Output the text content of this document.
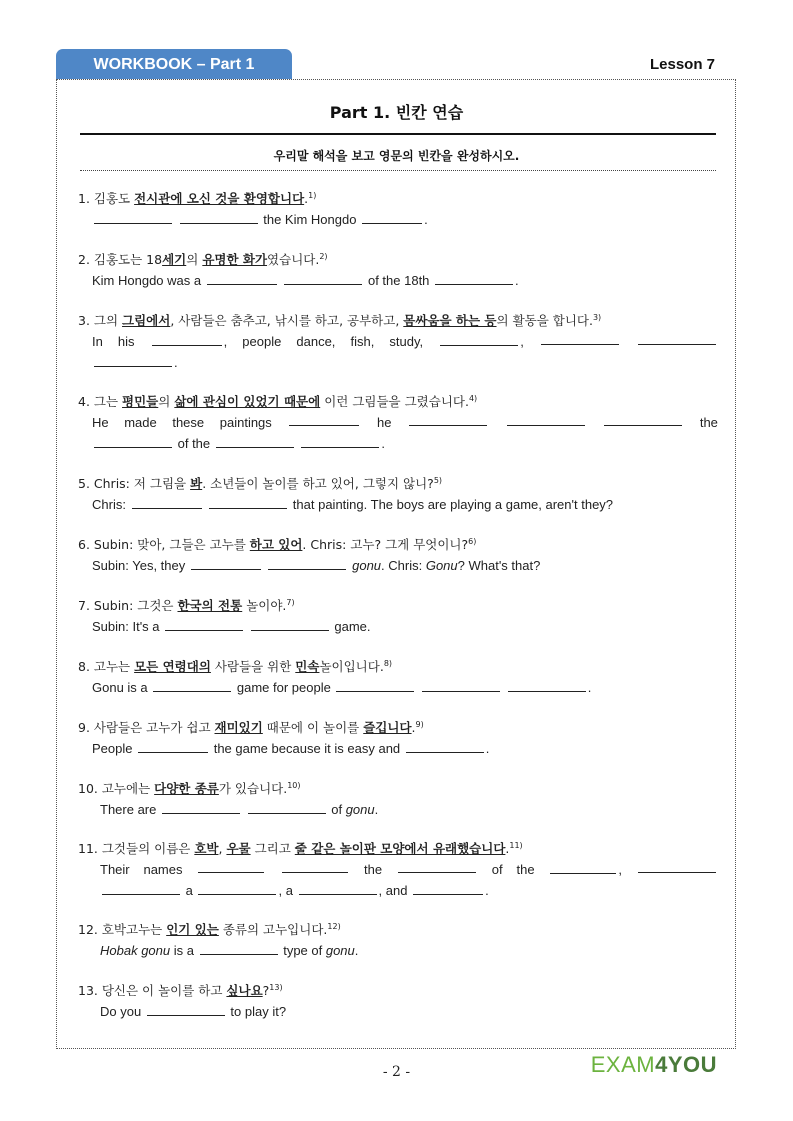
WORKBOOK – Part 1	Lesson 7
Part 1. 빈칸 연습
우리말 해석을 보고 영문의 빈칸을 완성하시오.
1. 김홍도 전시관에 오신 것을 환영합니다.$^{1)}$
the Kim Hongdo	.
2. 김홍도는 18세기의 유명한 화가였습니다.$^{2)}$
Kim Hongdo was a	of the 18th	.
3. 그의 그림에서, 사람들은 춤추고, 낚시를 하고, 공부하고, 몸싸움을 하는 등의 활동을 합니다.$^{3)}$
In his	, people dance, fish, study,	,
.
4. 그는 평민들의 삶에 관심이 있었기 때문에 이런 그림들을 그렸습니다.$^{4)}$
He made these paintings	he	the
of the	.
5. Chris: 저 그림을 봐. 소년들이 놀이를 하고 있어, 그렇지 않니?$^{5)}$
Chris:	that painting. The boys are playing a game, aren't they?
6. Subin: 맞아, 그들은 고누를 하고 있어. Chris: 고누? 그게 무엇이니?$^{6)}$
Subin: Yes, they	gonu. Chris: Gonu? What's that?
7. Subin: 그것은 한국의 전통 놀이야.$^{7)}$
Subin: It's a	game.
8. 고누는 모든 연령대의 사람들을 위한 민속놀이입니다.$^{8)}$
Gonu is a	game for people	.
9. 사람들은 고누가 쉽고 재미있기 때문에 이 놀이를 즐깁니다.$^{9)}$
People	the game because it is easy and	.
10. 고누에는 다양한 종류가 있습니다.$^{10)}$
There are	of gonu.
11. 그것들의 이름은 호박, 우물 그리고 줄 같은 놀이판 모양에서 유래했습니다.$^{11)}$
Their names	the	of the	,
a	, a	, and	.
12. 호박고누는 인기 있는 종류의 고누입니다.$^{12)}$
Hobak gonu is a	type of gonu.
13. 당신은 이 놀이를 하고 싶나요?$^{13)}$
Do you	to play it?
- 2 -	EXAM4YOU
